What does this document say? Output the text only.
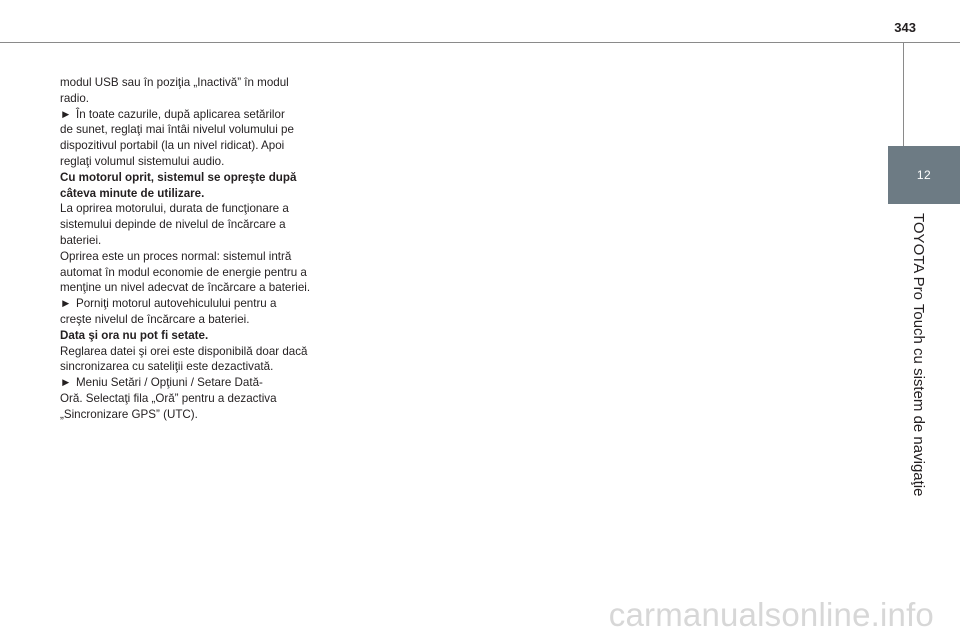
343
12
TOYOTA Pro Touch cu sistem de navigaţie

modul USB sau în poziţia „Inactivă” în modul

radio.

► În toate cazurile, după aplicarea setărilor

de sunet, reglaţi mai întâi nivelul volumului pe

dispozitivul portabil (la un nivel ridicat). Apoi

reglaţi volumul sistemului audio.

Cu motorul oprit, sistemul se opreşte după

câteva minute de utilizare.

La oprirea motorului, durata de funcţionare a

sistemului depinde de nivelul de încărcare a

bateriei.

Oprirea este un proces normal: sistemul intră

automat în modul economie de energie pentru a

menţine un nivel adecvat de încărcare a bateriei.

► Porniţi motorul autovehiculului pentru a

creşte nivelul de încărcare a bateriei.

Data şi ora nu pot fi setate.

Reglarea datei şi orei este disponibilă doar dacă

sincronizarea cu sateliţii este dezactivată.

► Meniu Setări / Opţiuni / Setare Dată-

Oră. Selectaţi fila „Oră” pentru a dezactiva

„Sincronizare GPS” (UTC).

carmanualsonline.info
